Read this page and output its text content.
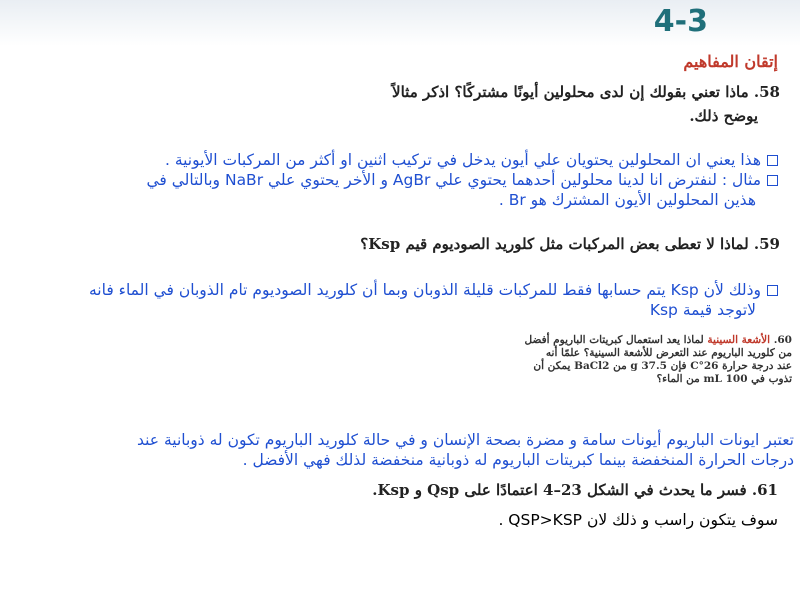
4-3
إتقان المفاهيم
58. ماذا تعني بقولك إن لدى محلولين أيونًا مشتركًا؟ اذكر مثالاً
يوضح ذلك.
هذا يعني ان المحلولين يحتويان علي أيون يدخل في تركيب اثنين او أكثر من المركبات الأيونية .
مثال : لنفترض انا لدينا محلولين أحدهما يحتوي علي AgBr و الأخر يحتوي علي NaBr وبالتالي في
هذين المحلولين الأيون المشترك هو Br .
59. لماذا لا تعطى بعض المركبات مثل كلوريد الصوديوم قيم Ksp؟
وذلك لأن Ksp يتم حسابها فقط للمركبات قليلة الذوبان وبما أن كلوريد الصوديوم تام الذوبان في الماء فانه
لاتوجد قيمة Ksp
60. الأشعة السينية لماذا يعد استعمال كبريتات الباريوم أفضل
من كلوريد الباريوم عند التعرض للأشعة السينية؟ علمًا أنه
عند درجة حرارة 26°C فإن 37.5 g من BaCl2 يمكن أن
تذوب في 100 mL من الماء؟
تعتبر ايونات الباريوم أيونات سامة و مضرة بصحة الإنسان و في حالة كلوريد الباريوم تكون له ذوبانية عند
درجات الحرارة المنخفضة بينما كبريتات الباريوم له ذوبانية منخفضة لذلك فهي الأفضل .
61. فسر ما يحدث في الشكل 23–4 اعتمادًا على Qsp و Ksp.
سوف يتكون راسب و ذلك لان QSP>KSP .
